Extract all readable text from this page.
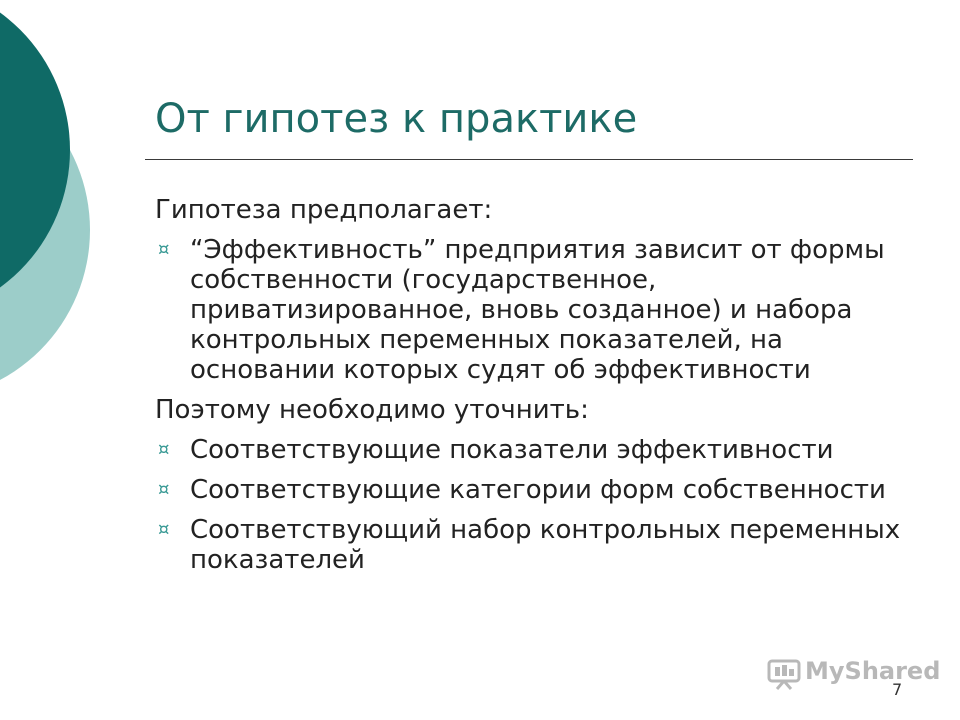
От гипотез к практике

Гипотеза предполагает:

¤ “Эффективность” предприятия зависит от формы собственности (государственное, приватизированное, вновь созданное) и набора контрольных переменных показателей, на основании которых судят об эффективности

Поэтому необходимо уточнить:

¤ Соответствующие показатели эффективности
¤ Соответствующие категории форм собственности
¤ Соответствующий набор контрольных переменных показателей
MyShared
7
